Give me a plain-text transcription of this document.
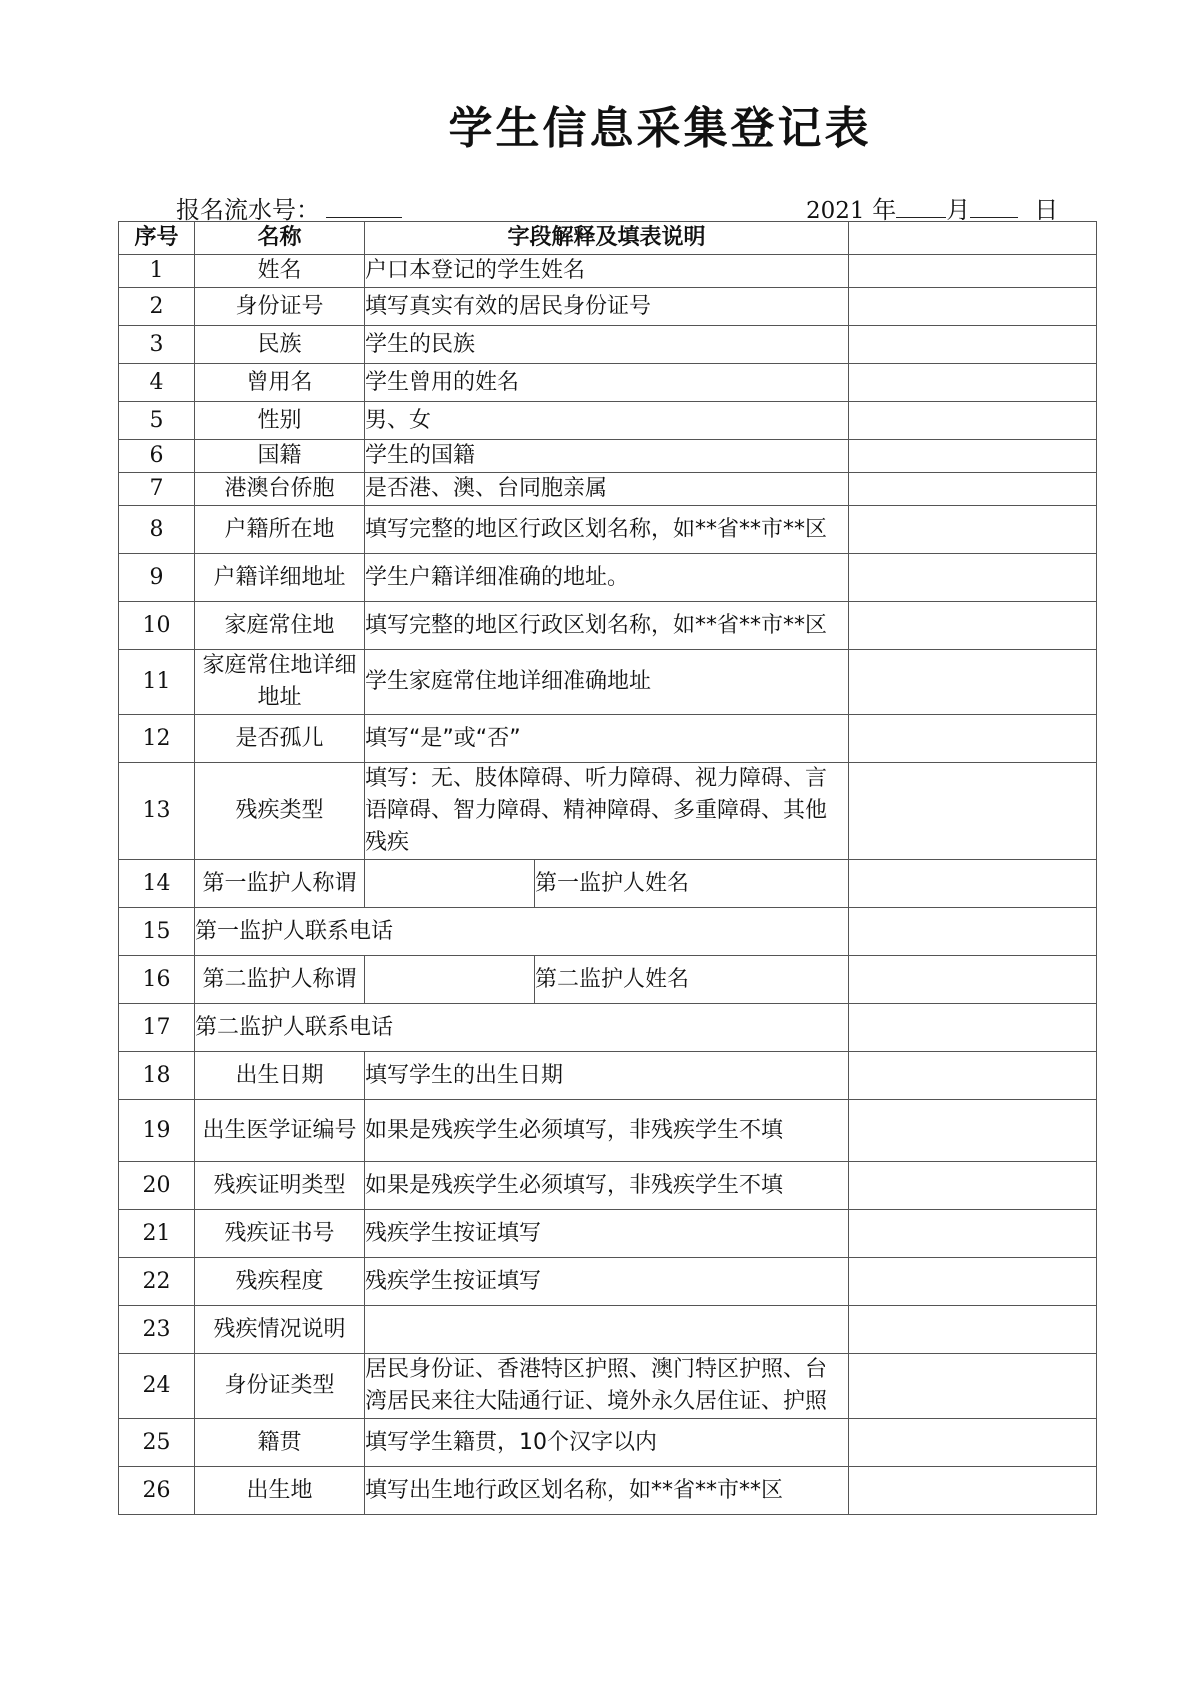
学生信息采集登记表
报名流水号：	2021 年 月	日
序号	名称	字段解释及填表说明		
1	姓名	户口本登记的学生姓名		
2	身份证号	填写真实有效的居民身份证号		
3	民族	学生的民族		
4	曾用名	学生曾用的姓名		
5	性别	男、女		
6	国籍	学生的国籍		
7	港澳台侨胞	是否港、澳、台同胞亲属		
8	户籍所在地	填写完整的地区行政区划名称，如**省**市**区		
9	户籍详细地址	学生户籍详细准确的地址。		
10	家庭常住地	填写完整的地区行政区划名称，如**省**市**区		
11	家庭常住地详细地址	学生家庭常住地详细准确地址		
12	是否孤儿	填写“是”或“否”		
13	残疾类型	填写：无、肢体障碍、听力障碍、视力障碍、言语障碍、智力障碍、精神障碍、多重障碍、其他残疾		
14	第一监护人称谓		第一监护人姓名	
15	第一监护人联系电话			
16	第二监护人称谓		第二监护人姓名	
17	第二监护人联系电话			
18	出生日期	填写学生的出生日期		
19	出生医学证编号	如果是残疾学生必须填写，非残疾学生不填		
20	残疾证明类型	如果是残疾学生必须填写，非残疾学生不填		
21	残疾证书号	残疾学生按证填写		
22	残疾程度	残疾学生按证填写		
23	残疾情况说明			
24	身份证类型	居民身份证、香港特区护照、澳门特区护照、台湾居民来往大陆通行证、境外永久居住证、护照		
25	籍贯	填写学生籍贯，10个汉字以内		
26	出生地	填写出生地行政区划名称，如**省**市**区		
